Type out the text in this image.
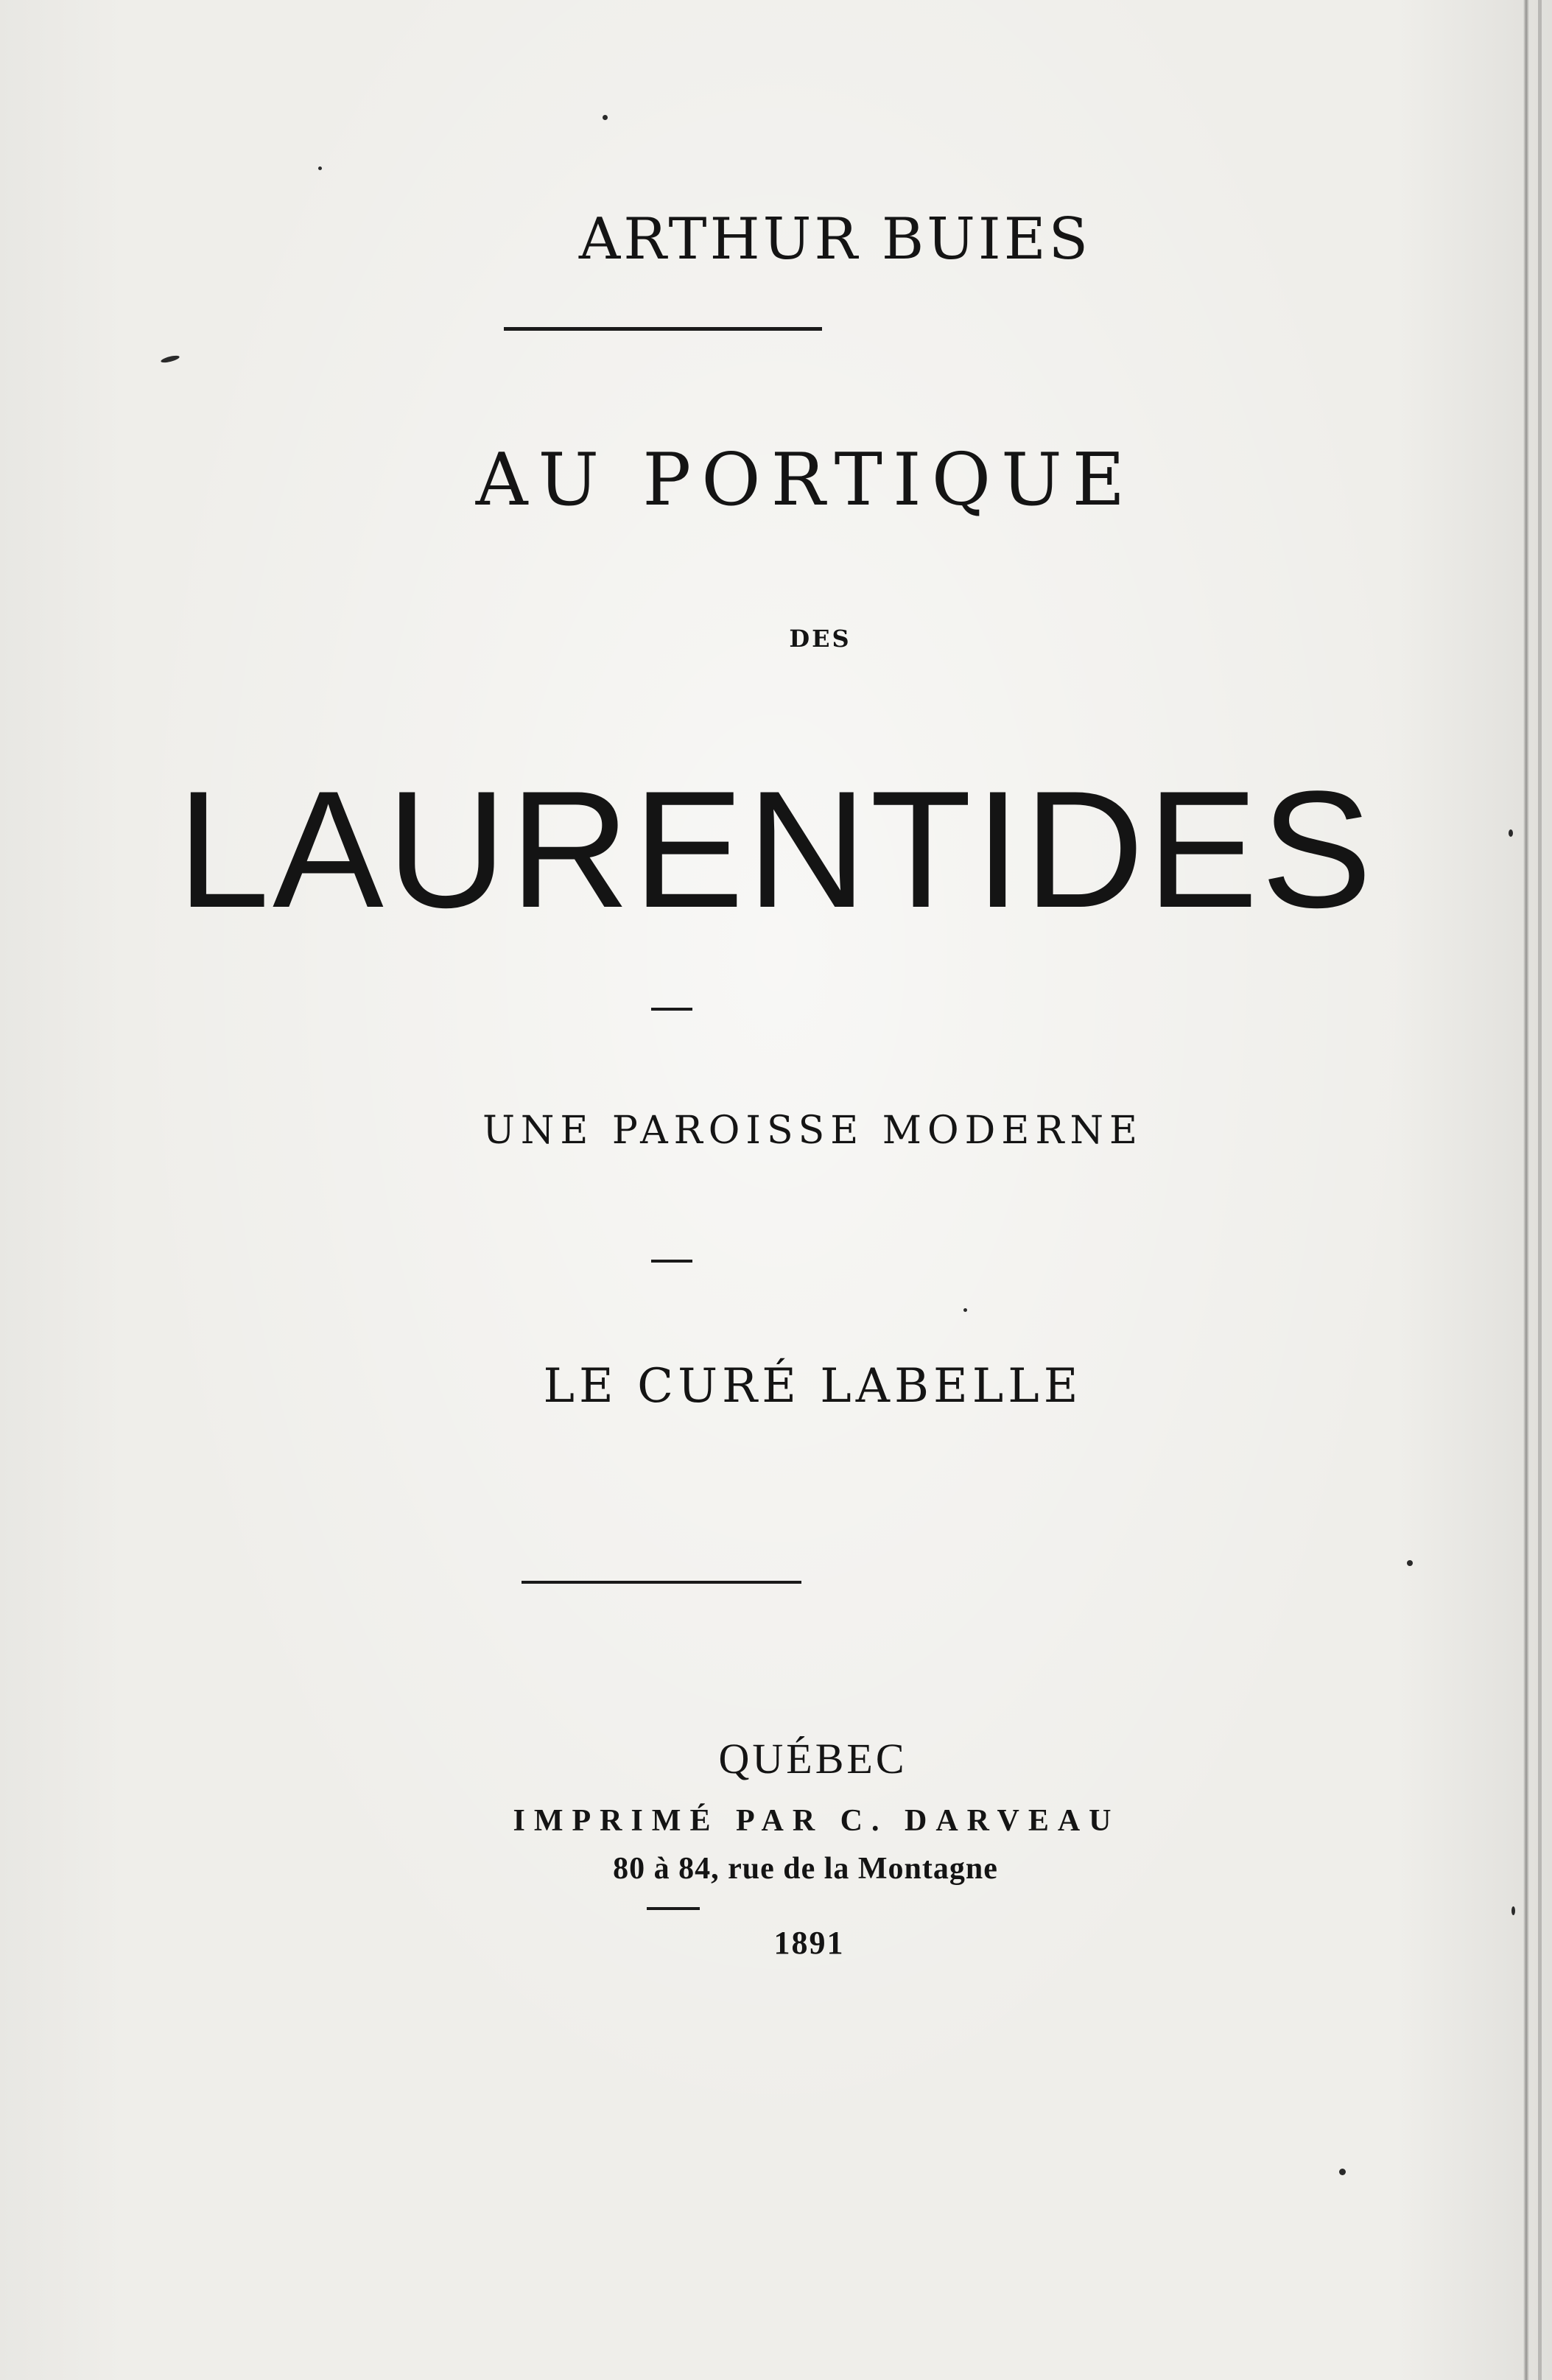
ARTHUR BUIES
AU PORTIQUE
DES
LAURENTIDES
UNE PAROISSE MODERNE
LE CURÉ LABELLE
QUÉBEC
IMPRIMÉ PAR C. DARVEAU
80 à 84, rue de la Montagne
1891
